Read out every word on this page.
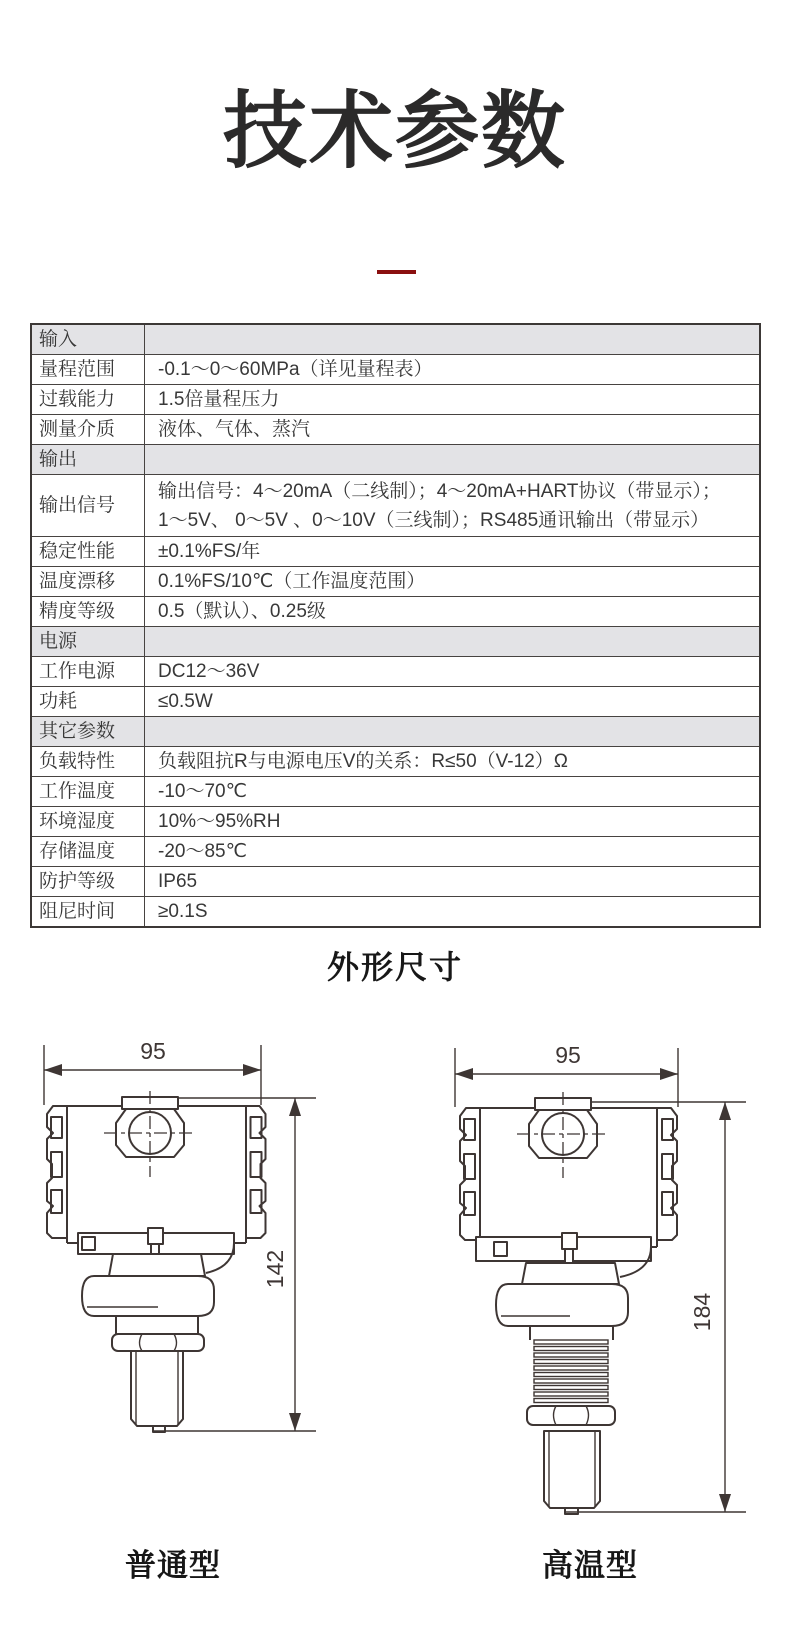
技术参数
输入	
量程范围	-0.1～0～60MPa（详见量程表）
过载能力	1.5倍量程压力
测量介质	液体、气体、蒸汽
输出	
输出信号	输出信号：4～20mA（二线制）；4～20mA+HART协议（带显示）；
1～5V、 0～5V 、0～10V（三线制）；RS485通讯输出（带显示）
稳定性能	±0.1%FS/年
温度漂移	0.1%FS/10℃（工作温度范围）
精度等级	0.5（默认）、0.25级
电源	
工作电源	DC12～36V
功耗	≤0.5W
其它参数	
负载特性	负载阻抗R与电源电压V的关系：R≤50（V-12）Ω
工作温度	-10～70℃
环境湿度	10%～95%RH
存储温度	-20～85℃
防护等级	IP65
阻尼时间	≥0.1S
外形尺寸
95
142
95
184
普通型	高温型
